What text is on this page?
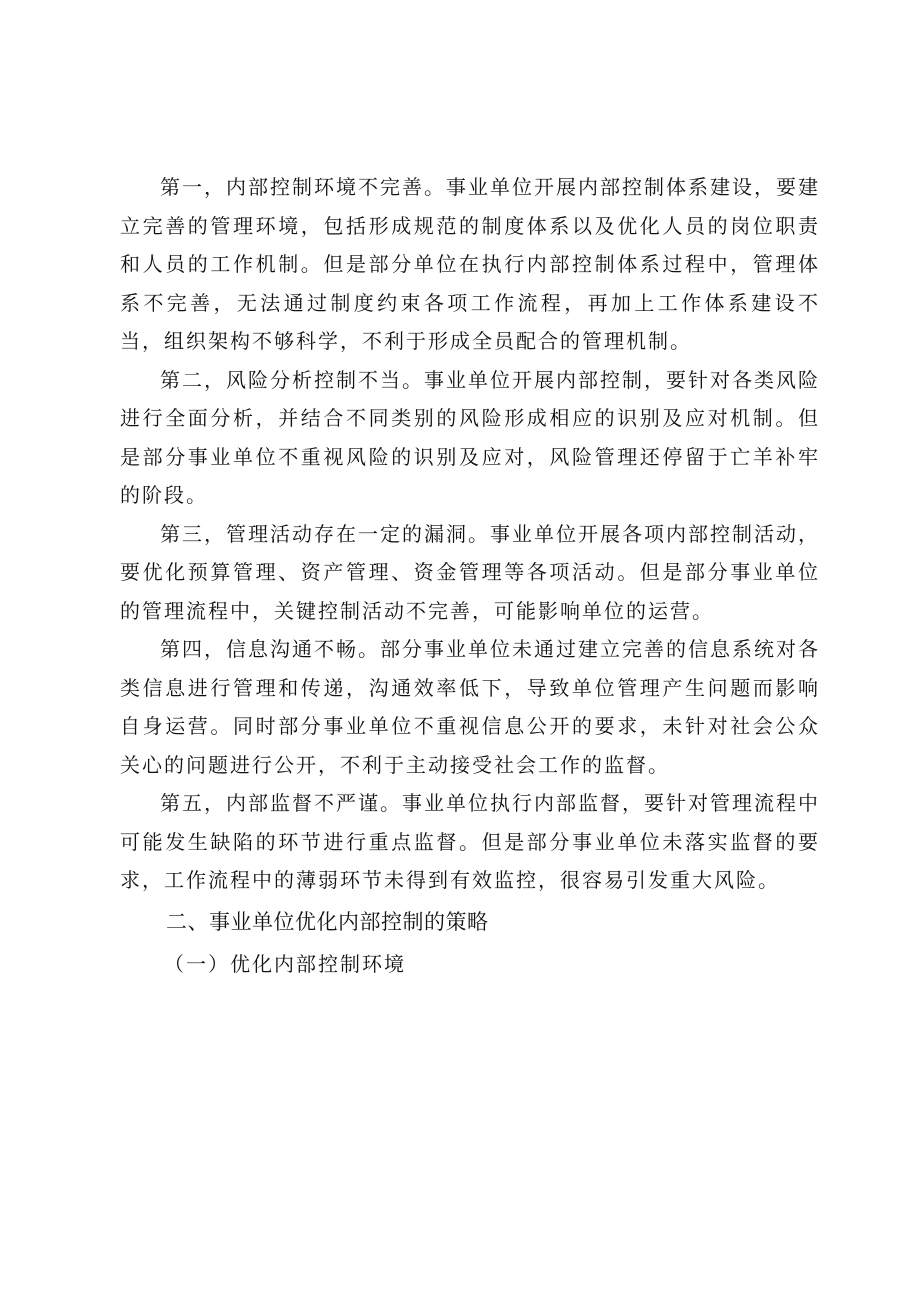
第一，内部控制环境不完善。事业单位开展内部控制体系建设，要建立完善的管理环境，包括形成规范的制度体系以及优化人员的岗位职责和人员的工作机制。但是部分单位在执行内部控制体系过程中，管理体系不完善，无法通过制度约束各项工作流程，再加上工作体系建设不当，组织架构不够科学，不利于形成全员配合的管理机制。

第二，风险分析控制不当。事业单位开展内部控制，要针对各类风险进行全面分析，并结合不同类别的风险形成相应的识别及应对机制。但是部分事业单位不重视风险的识别及应对，风险管理还停留于亡羊补牢的阶段。

第三，管理活动存在一定的漏洞。事业单位开展各项内部控制活动，要优化预算管理、资产管理、资金管理等各项活动。但是部分事业单位的管理流程中，关键控制活动不完善，可能影响单位的运营。

第四，信息沟通不畅。部分事业单位未通过建立完善的信息系统对各类信息进行管理和传递，沟通效率低下，导致单位管理产生问题而影响自身运营。同时部分事业单位不重视信息公开的要求，未针对社会公众关心的问题进行公开，不利于主动接受社会工作的监督。

第五，内部监督不严谨。事业单位执行内部监督，要针对管理流程中可能发生缺陷的环节进行重点监督。但是部分事业单位未落实监督的要求，工作流程中的薄弱环节未得到有效监控，很容易引发重大风险。

二、事业单位优化内部控制的策略

（一）优化内部控制环境
